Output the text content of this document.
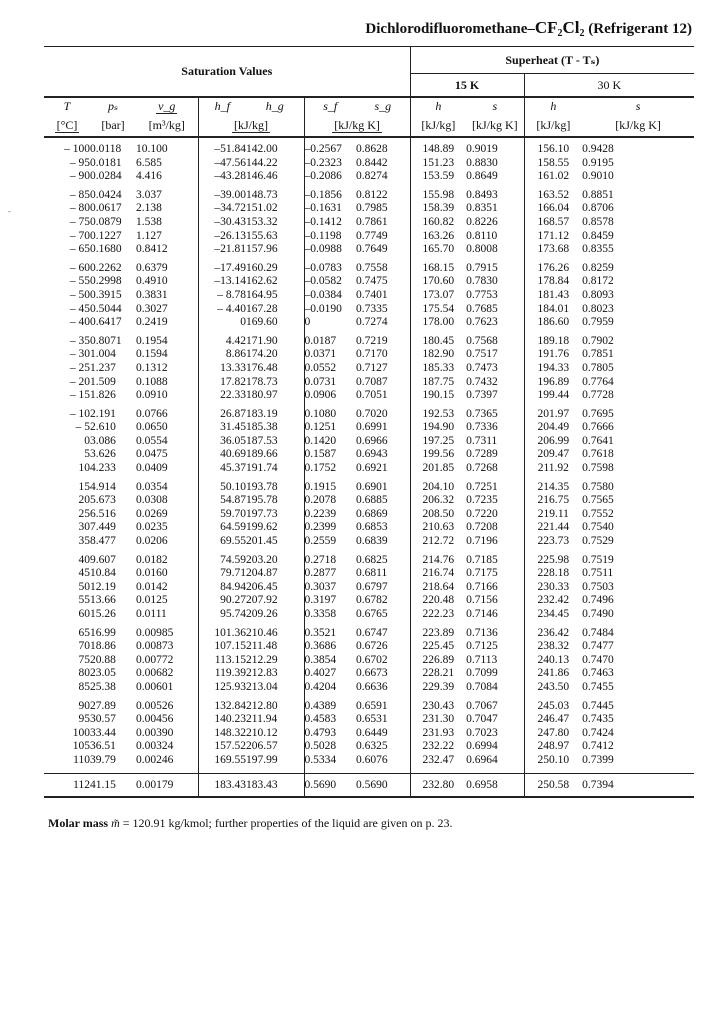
Dichlorodifluoromethane–$CF_2Cl_2$ (Refrigerant 12)
-
Saturation Values							Superheat (T - Tₛ)			
							15 K		30 K	
T	pₛ	v_g	h_f	h_g	s_f	s_g	h	s	h	s
[°C]	[bar]	[m³/kg]	[kJ/kg]		[kJ/kg K]		[kJ/kg]	[kJ/kg K]	[kJ/kg]	[kJ/kg K]

– 100	0.0118	10.100	–51.84	142.00	–0.2567	0.8628	148.89	0.9019	156.10	0.9428
– 95	0.0181	6.585	–47.56	144.22	–0.2323	0.8442	151.23	0.8830	158.55	0.9195
– 90	0.0284	4.416	–43.28	146.46	–0.2086	0.8274	153.59	0.8649	161.02	0.9010

– 85	0.0424	3.037	–39.00	148.73	–0.1856	0.8122	155.98	0.8493	163.52	0.8851
– 80	0.0617	2.138	–34.72	151.02	–0.1631	0.7985	158.39	0.8351	166.04	0.8706
– 75	0.0879	1.538	–30.43	153.32	–0.1412	0.7861	160.82	0.8226	168.57	0.8578
– 70	0.1227	1.127	–26.13	155.63	–0.1198	0.7749	163.26	0.8110	171.12	0.8459
– 65	0.1680	0.8412	–21.81	157.96	–0.0988	0.7649	165.70	0.8008	173.68	0.8355

– 60	0.2262	0.6379	–17.49	160.29	–0.0783	0.7558	168.15	0.7915	176.26	0.8259
– 55	0.2998	0.4910	–13.14	162.62	–0.0582	0.7475	170.60	0.7830	178.84	0.8172
– 50	0.3915	0.3831	– 8.78	164.95	–0.0384	0.7401	173.07	0.7753	181.43	0.8093
– 45	0.5044	0.3027	– 4.40	167.28	–0.0190	0.7335	175.54	0.7685	184.01	0.8023
– 40	0.6417	0.2419	0	169.60	0	0.7274	178.00	0.7623	186.60	0.7959

– 35	0.8071	0.1954	4.42	171.90	0.0187	0.7219	180.45	0.7568	189.18	0.7902
– 30	1.004	0.1594	8.86	174.20	0.0371	0.7170	182.90	0.7517	191.76	0.7851
– 25	1.237	0.1312	13.33	176.48	0.0552	0.7127	185.33	0.7473	194.33	0.7805
– 20	1.509	0.1088	17.82	178.73	0.0731	0.7087	187.75	0.7432	196.89	0.7764
– 15	1.826	0.0910	22.33	180.97	0.0906	0.7051	190.15	0.7397	199.44	0.7728

– 10	2.191	0.0766	26.87	183.19	0.1080	0.7020	192.53	0.7365	201.97	0.7695
– 5	2.610	0.0650	31.45	185.38	0.1251	0.6991	194.90	0.7336	204.49	0.7666
0	3.086	0.0554	36.05	187.53	0.1420	0.6966	197.25	0.7311	206.99	0.7641
5	3.626	0.0475	40.69	189.66	0.1587	0.6943	199.56	0.7289	209.47	0.7618
10	4.233	0.0409	45.37	191.74	0.1752	0.6921	201.85	0.7268	211.92	0.7598

15	4.914	0.0354	50.10	193.78	0.1915	0.6901	204.10	0.7251	214.35	0.7580
20	5.673	0.0308	54.87	195.78	0.2078	0.6885	206.32	0.7235	216.75	0.7565
25	6.516	0.0269	59.70	197.73	0.2239	0.6869	208.50	0.7220	219.11	0.7552
30	7.449	0.0235	64.59	199.62	0.2399	0.6853	210.63	0.7208	221.44	0.7540
35	8.477	0.0206	69.55	201.45	0.2559	0.6839	212.72	0.7196	223.73	0.7529

40	9.607	0.0182	74.59	203.20	0.2718	0.6825	214.76	0.7185	225.98	0.7519
45	10.84	0.0160	79.71	204.87	0.2877	0.6811	216.74	0.7175	228.18	0.7511
50	12.19	0.0142	84.94	206.45	0.3037	0.6797	218.64	0.7166	230.33	0.7503
55	13.66	0.0125	90.27	207.92	0.3197	0.6782	220.48	0.7156	232.42	0.7496
60	15.26	0.0111	95.74	209.26	0.3358	0.6765	222.23	0.7146	234.45	0.7490

65	16.99	0.00985	101.36	210.46	0.3521	0.6747	223.89	0.7136	236.42	0.7484
70	18.86	0.00873	107.15	211.48	0.3686	0.6726	225.45	0.7125	238.32	0.7477
75	20.88	0.00772	113.15	212.29	0.3854	0.6702	226.89	0.7113	240.13	0.7470
80	23.05	0.00682	119.39	212.83	0.4027	0.6673	228.21	0.7099	241.86	0.7463
85	25.38	0.00601	125.93	213.04	0.4204	0.6636	229.39	0.7084	243.50	0.7455

90	27.89	0.00526	132.84	212.80	0.4389	0.6591	230.43	0.7067	245.03	0.7445
95	30.57	0.00456	140.23	211.94	0.4583	0.6531	231.30	0.7047	246.47	0.7435
100	33.44	0.00390	148.32	210.12	0.4793	0.6449	231.93	0.7023	247.80	0.7424
105	36.51	0.00324	157.52	206.57	0.5028	0.6325	232.22	0.6994	248.97	0.7412
110	39.79	0.00246	169.55	197.99	0.5334	0.6076	232.47	0.6964	250.10	0.7399

112	41.15	0.00179	183.43	183.43	0.5690	0.5690	232.80	0.6958	250.58	0.7394
Molar mass m̃ = 120.91 kg/kmol; further properties of the liquid are given on p. 23.
